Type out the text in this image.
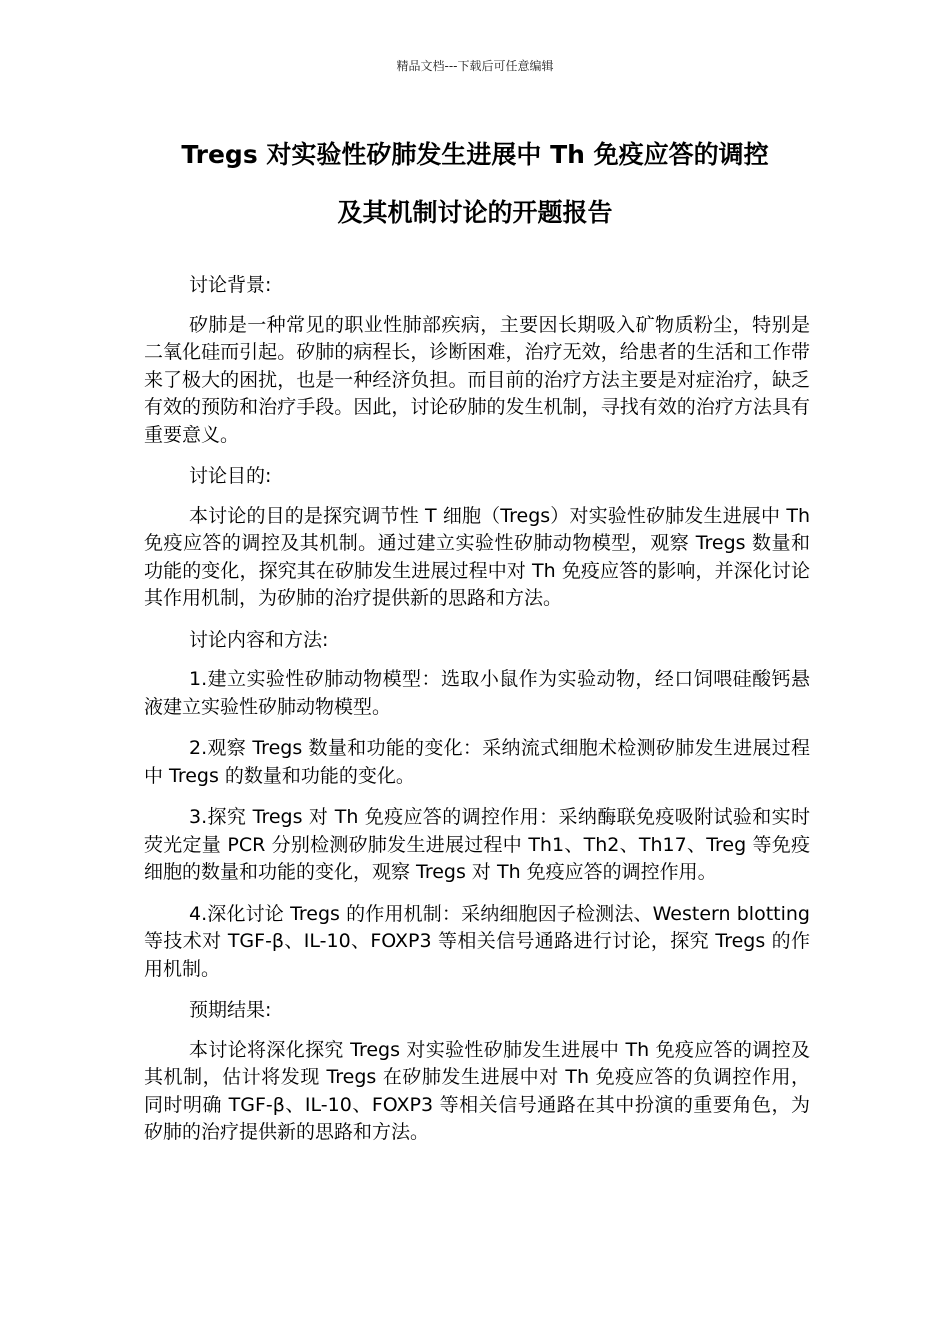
精品文档---下载后可任意编辑
Tregs 对实验性矽肺发生进展中 Th 免疫应答的调控
及其机制讨论的开题报告

讨论背景:

矽肺是一种常见的职业性肺部疾病，主要因长期吸入矿物质粉尘，特别是二氧化硅而引起。矽肺的病程长，诊断困难，治疗无效，给患者的生活和工作带来了极大的困扰，也是一种经济负担。而目前的治疗方法主要是对症治疗，缺乏有效的预防和治疗手段。因此，讨论矽肺的发生机制，寻找有效的治疗方法具有重要意义。

讨论目的:

本讨论的目的是探究调节性 T 细胞（Tregs）对实验性矽肺发生进展中 Th 免疫应答的调控及其机制。通过建立实验性矽肺动物模型，观察 Tregs 数量和功能的变化，探究其在矽肺发生进展过程中对 Th 免疫应答的影响，并深化讨论其作用机制，为矽肺的治疗提供新的思路和方法。

讨论内容和方法:

1.建立实验性矽肺动物模型：选取小鼠作为实验动物，经口饲喂硅酸钙悬液建立实验性矽肺动物模型。

2.观察 Tregs 数量和功能的变化：采纳流式细胞术检测矽肺发生进展过程中 Tregs 的数量和功能的变化。

3.探究 Tregs 对 Th 免疫应答的调控作用：采纳酶联免疫吸附试验和实时荧光定量 PCR 分别检测矽肺发生进展过程中 Th1、Th2、Th17、Treg 等免疫细胞的数量和功能的变化，观察 Tregs 对 Th 免疫应答的调控作用。

4.深化讨论 Tregs 的作用机制：采纳细胞因子检测法、Western blotting 等技术对 TGF-β、IL-10、FOXP3 等相关信号通路进行讨论，探究 Tregs 的作用机制。

预期结果:

本讨论将深化探究 Tregs 对实验性矽肺发生进展中 Th 免疫应答的调控及其机制，估计将发现 Tregs 在矽肺发生进展中对 Th 免疫应答的负调控作用，同时明确 TGF-β、IL-10、FOXP3 等相关信号通路在其中扮演的重要角色，为矽肺的治疗提供新的思路和方法。
